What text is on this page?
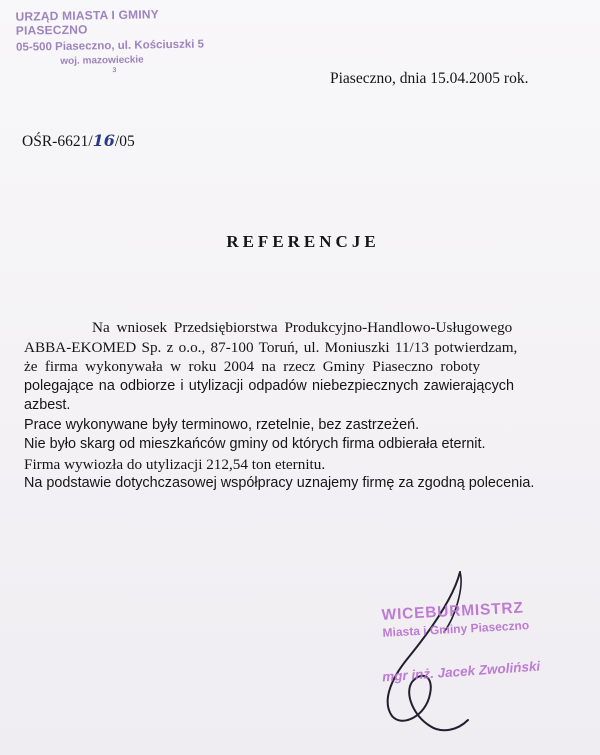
URZĄD MIASTA I GMINY PIASECZNO
05-500 Piaseczno, ul. Kościuszki 5
woj. mazowieckie
3	Piaseczno, dnia 15.04.2005 rok.
OŚR-6621/16/05
REFERENCJE
Na wniosek Przedsiębiorstwa Produkcyjno-Handlowo-Usługowego
ABBA-EKOMED Sp. z o.o., 87-100 Toruń, ul. Moniuszki 11/13 potwierdzam,
że firma wykonywała w roku 2004 na rzecz Gminy Piaseczno roboty
polegające na odbiorze i utylizacji odpadów niebezpiecznych zawierających
azbest.
Prace wykonywane były terminowo, rzetelnie, bez zastrzeżeń.
Nie było skarg od mieszkańców gminy od których firma odbierała eternit.
Firma wywiozła do utylizacji 212,54 ton eternitu.
Na podstawie dotychczasowej współpracy uznajemy firmę za zgodną polecenia.
WICEBURMISTRZ
Miasta i Gminy Piaseczno
mgr inż. Jacek Zwoliński
